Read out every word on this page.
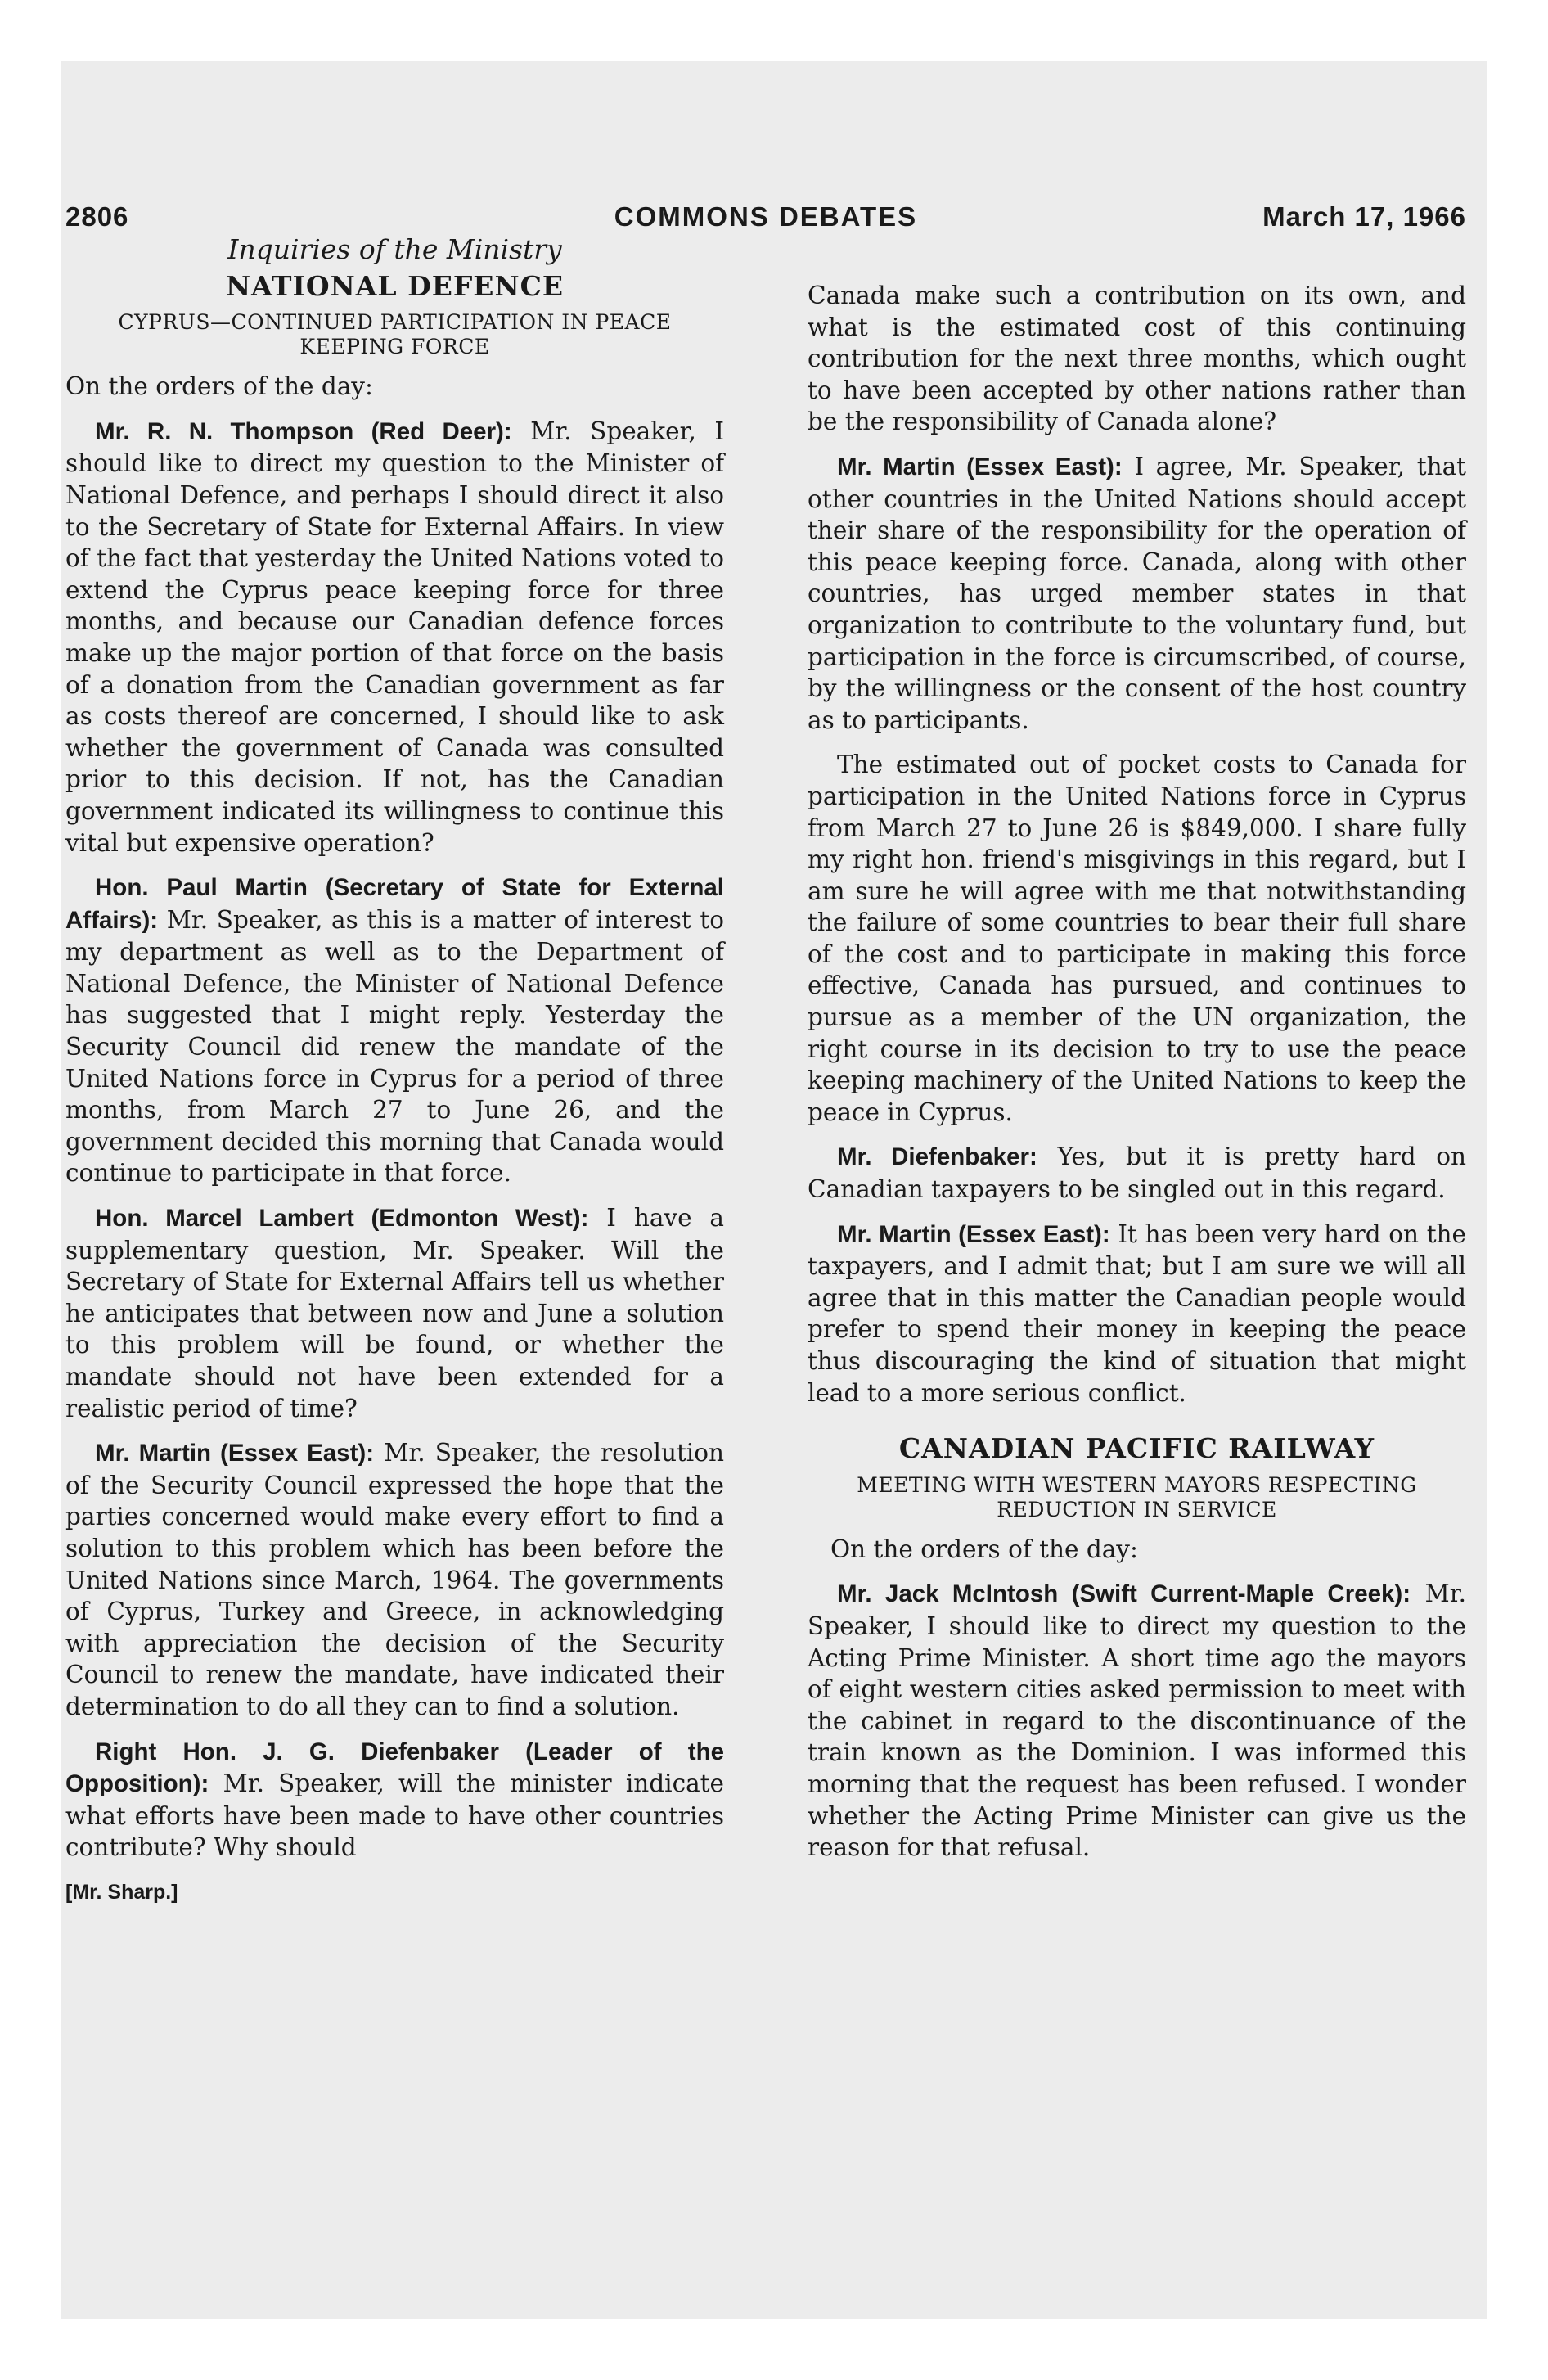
2806	COMMONS DEBATES	March 17, 1966
Inquiries of the Ministry
NATIONAL DEFENCE
CYPRUS—CONTINUED PARTICIPATION IN PEACE KEEPING FORCE

On the orders of the day:

Mr. R. N. Thompson (Red Deer): Mr. Speaker, I should like to direct my question to the Minister of National Defence, and perhaps I should direct it also to the Secretary of State for External Affairs. In view of the fact that yesterday the United Nations voted to extend the Cyprus peace keeping force for three months, and because our Canadian defence forces make up the major portion of that force on the basis of a donation from the Canadian government as far as costs thereof are concerned, I should like to ask whether the government of Canada was consulted prior to this decision. If not, has the Canadian government indicated its willingness to continue this vital but expensive operation?

Hon. Paul Martin (Secretary of State for External Affairs): Mr. Speaker, as this is a matter of interest to my department as well as to the Department of National Defence, the Minister of National Defence has suggested that I might reply. Yesterday the Security Council did renew the mandate of the United Nations force in Cyprus for a period of three months, from March 27 to June 26, and the government decided this morning that Canada would continue to participate in that force.

Hon. Marcel Lambert (Edmonton West): I have a supplementary question, Mr. Speaker. Will the Secretary of State for External Affairs tell us whether he anticipates that between now and June a solution to this problem will be found, or whether the mandate should not have been extended for a realistic period of time?

Mr. Martin (Essex East): Mr. Speaker, the resolution of the Security Council expressed the hope that the parties concerned would make every effort to find a solution to this problem which has been before the United Nations since March, 1964. The governments of Cyprus, Turkey and Greece, in acknowledging with appreciation the decision of the Security Council to renew the mandate, have indicated their determination to do all they can to find a solution.

Right Hon. J. G. Diefenbaker (Leader of the Opposition): Mr. Speaker, will the minister indicate what efforts have been made to have other countries contribute? Why should

[Mr. Sharp.]

Canada make such a contribution on its own, and what is the estimated cost of this continuing contribution for the next three months, which ought to have been accepted by other nations rather than be the responsibility of Canada alone?

Mr. Martin (Essex East): I agree, Mr. Speaker, that other countries in the United Nations should accept their share of the responsibility for the operation of this peace keeping force. Canada, along with other countries, has urged member states in that organization to contribute to the voluntary fund, but participation in the force is circumscribed, of course, by the willingness or the consent of the host country as to participants.

The estimated out of pocket costs to Canada for participation in the United Nations force in Cyprus from March 27 to June 26 is $849,000. I share fully my right hon. friend's misgivings in this regard, but I am sure he will agree with me that notwithstanding the failure of some countries to bear their full share of the cost and to participate in making this force effective, Canada has pursued, and continues to pursue as a member of the UN organization, the right course in its decision to try to use the peace keeping machinery of the United Nations to keep the peace in Cyprus.

Mr. Diefenbaker: Yes, but it is pretty hard on Canadian taxpayers to be singled out in this regard.

Mr. Martin (Essex East): It has been very hard on the taxpayers, and I admit that; but I am sure we will all agree that in this matter the Canadian people would prefer to spend their money in keeping the peace thus discouraging the kind of situation that might lead to a more serious conflict.

CANADIAN PACIFIC RAILWAY
MEETING WITH WESTERN MAYORS RESPECTING REDUCTION IN SERVICE

On the orders of the day:

Mr. Jack McIntosh (Swift Current-Maple Creek): Mr. Speaker, I should like to direct my question to the Acting Prime Minister. A short time ago the mayors of eight western cities asked permission to meet with the cabinet in regard to the discontinuance of the train known as the Dominion. I was informed this morning that the request has been refused. I wonder whether the Acting Prime Minister can give us the reason for that refusal.
